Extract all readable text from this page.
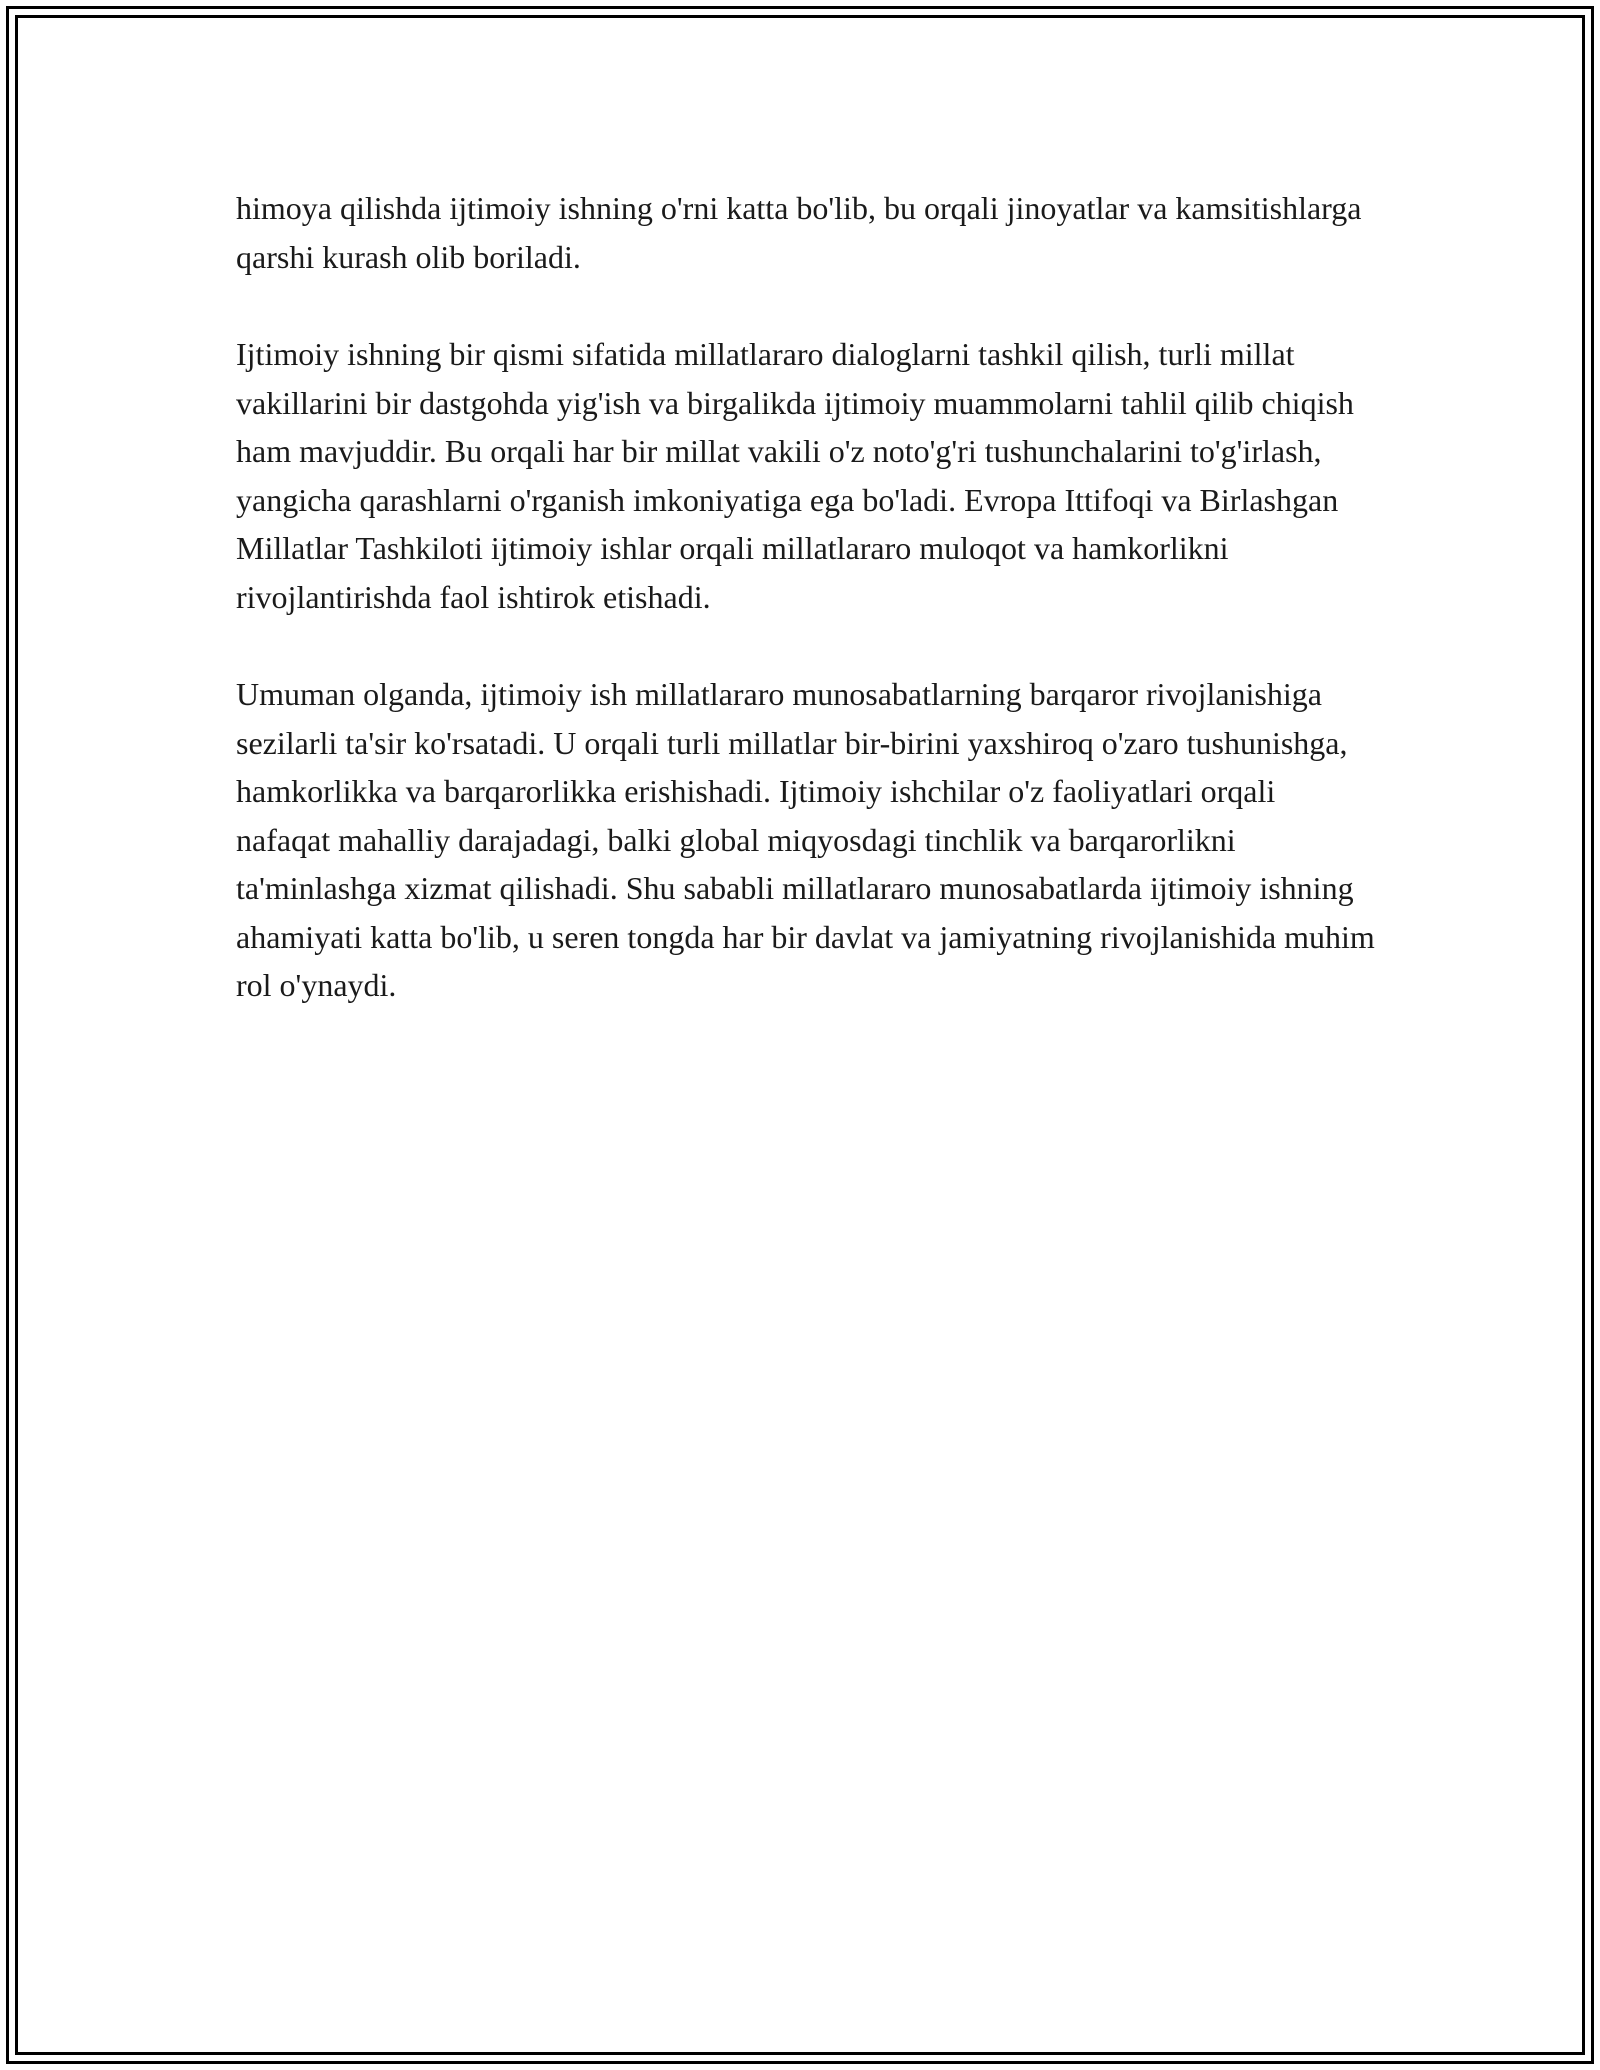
himoya qilishda ijtimoiy ishning o'rni katta bo'lib, bu orqali jinoyatlar va kamsitishlarga qarshi kurash olib boriladi.

Ijtimoiy ishning bir qismi sifatida millatlararo dialoglarni tashkil qilish, turli millat vakillarini bir dastgohda yig'ish va birgalikda ijtimoiy muammolarni tahlil qilib chiqish ham mavjuddir. Bu orqali har bir millat vakili o'z noto'g'ri tushunchalarini to'g'irlash, yangicha qarashlarni o'rganish imkoniyatiga ega bo'ladi. Evropa Ittifoqi va Birlashgan Millatlar Tashkiloti ijtimoiy ishlar orqali millatlararo muloqot va hamkorlikni rivojlantirishda faol ishtirok etishadi.

Umuman olganda, ijtimoiy ish millatlararo munosabatlarning barqaror rivojlanishiga sezilarli ta'sir ko'rsatadi. U orqali turli millatlar bir-birini yaxshiroq o'zaro tushunishga, hamkorlikka va barqarorlikka erishishadi. Ijtimoiy ishchilar o'z faoliyatlari orqali nafaqat mahalliy darajadagi, balki global miqyosdagi tinchlik va barqarorlikni ta'minlashga xizmat qilishadi. Shu sababli millatlararo munosabatlarda ijtimoiy ishning ahamiyati katta bo'lib, u seren tongda har bir davlat va jamiyatning rivojlanishida muhim rol o'ynaydi.
